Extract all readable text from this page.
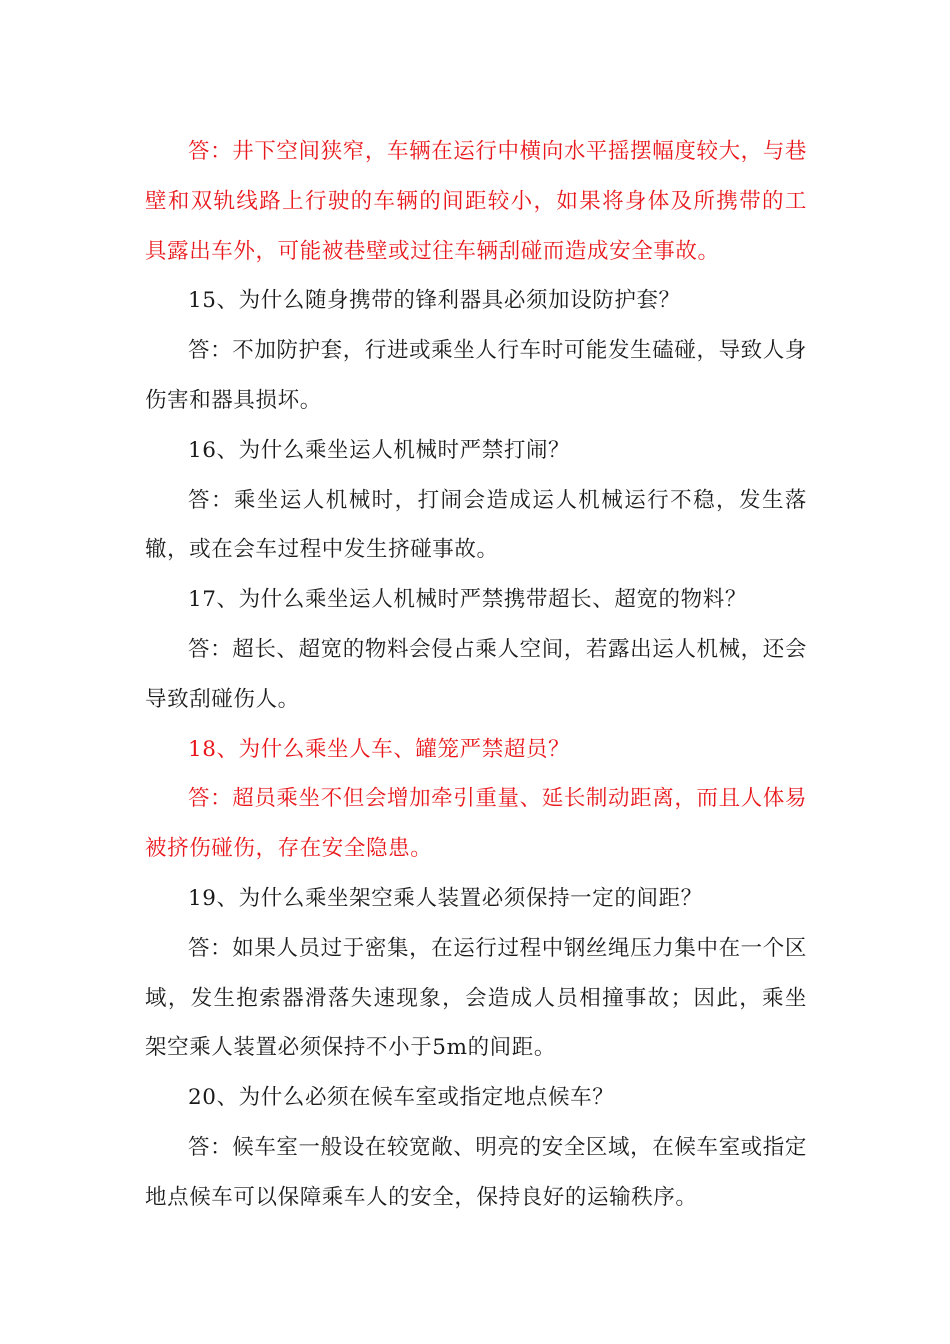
答：井下空间狭窄，车辆在运行中横向水平摇摆幅度较大，与巷壁和双轨线路上行驶的车辆的间距较小，如果将身体及所携带的工具露出车外，可能被巷壁或过往车辆刮碰而造成安全事故。

15、为什么随身携带的锋利器具必须加设防护套？

答：不加防护套，行进或乘坐人行车时可能发生磕碰，导致人身伤害和器具损坏。

16、为什么乘坐运人机械时严禁打闹？

答：乘坐运人机械时，打闹会造成运人机械运行不稳，发生落辙，或在会车过程中发生挤碰事故。

17、为什么乘坐运人机械时严禁携带超长、超宽的物料？

答：超长、超宽的物料会侵占乘人空间，若露出运人机械，还会导致刮碰伤人。

18、为什么乘坐人车、罐笼严禁超员？

答：超员乘坐不但会增加牵引重量、延长制动距离，而且人体易被挤伤碰伤，存在安全隐患。

19、为什么乘坐架空乘人装置必须保持一定的间距？

答：如果人员过于密集，在运行过程中钢丝绳压力集中在一个区域，发生抱索器滑落失速现象，会造成人员相撞事故；因此，乘坐架空乘人装置必须保持不小于5m的间距。

20、为什么必须在候车室或指定地点候车？

答：候车室一般设在较宽敞、明亮的安全区域，在候车室或指定地点候车可以保障乘车人的安全，保持良好的运输秩序。
